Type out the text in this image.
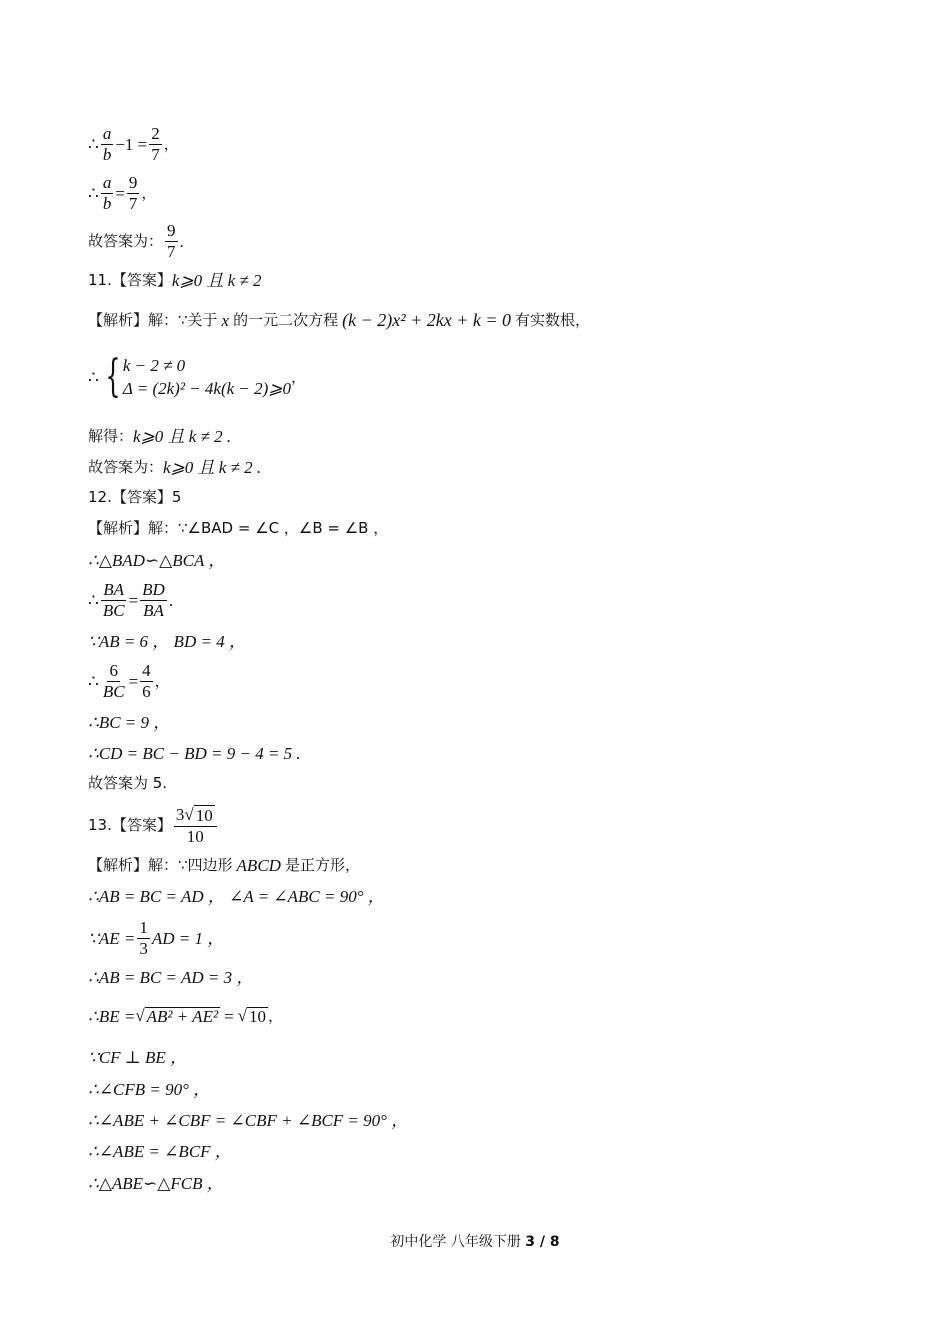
∴ $\frac{a}{b} -1 = \frac{2}{7}$ ，
∴ $\frac{a}{b} = \frac{9}{7}$ ，
故答案为： $\frac{9}{7}$ .
11.【答案】 k⩾0 且 k ≠ 2
【解析】解：∵关于 x 的一元二次方程 (k − 2)x² + 2kx + k = 0 有实数根，
∴ { k − 2 ≠ 0
Δ = (2k)² − 4k(k − 2)⩾0
，
解得： k⩾0 且 k ≠ 2 .
故答案为： k⩾0 且 k ≠ 2 .
12.【答案】5
【解析】解：∵∠BAD = ∠C ，∠B = ∠B ，
∴△BAD∽△BCA ，
∴ $\frac{BA}{BC} = \frac{BD}{BA}$ .
∵AB = 6 ， BD = 4 ，
∴ $\frac{6}{BC} = \frac{4}{6}$ ，
∴BC = 9 ，
∴CD = BC − BD = 9 − 4 = 5 .
故答案为 5.
13.【答案】 $\frac{3√ 10}{10}$
【解析】解：∵四边形 ABCD 是正方形，
∴AB = BC = AD ， ∠A = ∠ABC = 90° ，
∵AE = $\frac{1}{3}$ AD = 1 ，
∴AB = BC = AD = 3 ，
∴BE = √ AB² + AE² = √ 10 ，
∵CF ⊥ BE ，
∴∠CFB = 90° ，
∴∠ABE + ∠CBF = ∠CBF + ∠BCF = 90° ，
∴∠ABE = ∠BCF ，
∴△ABE∽△FCB ，
初中化学 八年级下册 3 / 8
